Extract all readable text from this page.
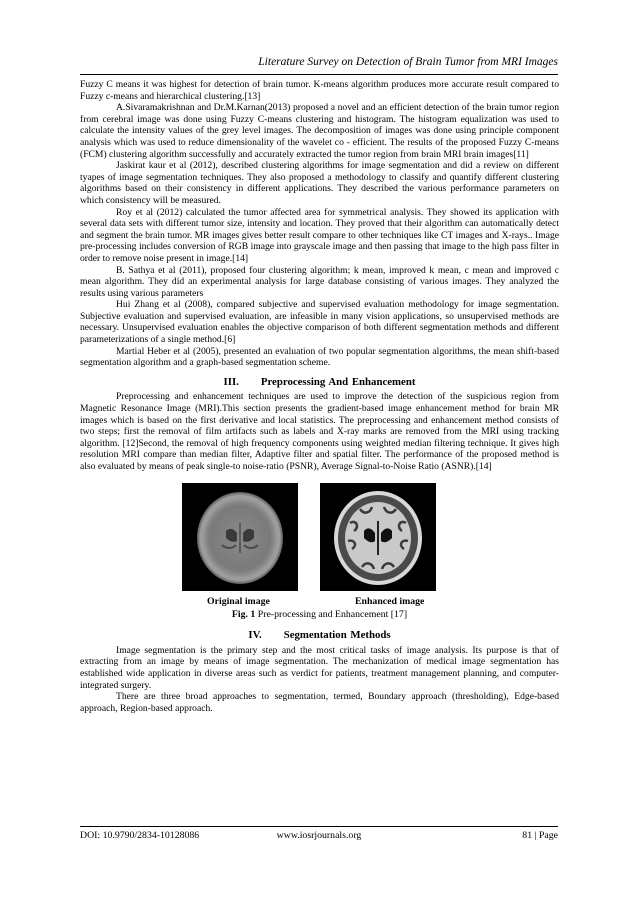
Literature Survey on Detection of Brain Tumor from MRI Images

Fuzzy C means it was highest for detection of brain tumor. K-means algorithm produces more accurate result compared to Fuzzy c-means and hierarchical clustering.[13]

A.Sivaramakrishnan and Dr.M.Karnan(2013) proposed a novel and an efficient detection of the brain tumor region from cerebral image was done using Fuzzy C-means clustering and histogram. The histogram equalization was used to calculate the intensity values of the grey level images. The decomposition of images was done using principle component analysis which was used to reduce dimensionality of the wavelet co - efficient. The results of the proposed Fuzzy C-means (FCM) clustering algorithm successfully and accurately extracted the tumor region from brain MRI brain images[11]

Jaskirat kaur et al (2012), described clustering algorithms for image segmentation and did a review on different tyapes of image segmentation techniques. They also proposed a methodology to classify and quantify different clustering algorithms based on their consistency in different applications. They described the various performance parameters on which consistency will be measured.

Roy et al (2012) calculated the tumor affected area for symmetrical analysis. They showed its application with several data sets with different tumor size, intensity and location. They proved that their algorithm can automatically detect and segment the brain tumor. MR images gives better result compare to other techniques like CT images and X-rays.. Image pre-processing includes conversion of RGB image into grayscale image and then passing that image to the high pass filter in order to remove noise present in image.[14]

B. Sathya et al (2011), proposed four clustering algorithm; k mean, improved k mean, c mean and improved c mean algorithm. They did an experimental analysis for large database consisting of various images. They analyzed the results using various parameters

Hui Zhang et al (2008), compared subjective and supervised evaluation methodology for image segmentation. Subjective evaluation and supervised evaluation, are infeasible in many vision applications, so unsupervised methods are necessary. Unsupervised evaluation enables the objective comparison of both different segmentation methods and different parameterizations of a single method.[6]

Martial Heber et al (2005), presented an evaluation of two popular segmentation algorithms, the mean shift-based segmentation algorithm and a graph-based segmentation scheme.

III. Preprocessing And Enhancement

Preprocessing and enhancement techniques are used to improve the detection of the suspicious region from Magnetic Resonance Image (MRI).This section presents the gradient-based image enhancement method for brain MR images which is based on the first derivative and local statistics. The preprocessing and enhancement method consists of two steps; first the removal of film artifacts such as labels and X-ray marks are removed from the MRI using tracking algorithm. [12]Second, the removal of high frequency components using weighted median filtering technique. It gives high resolution MRI compare than median filter, Adaptive filter and spatial filter. The performance of the proposed method is also evaluated by means of peak single-to noise-ratio (PSNR), Average Signal-to-Noise Ratio (ASNR).[14]

Original image	Enhanced image
Fig. 1 Pre-processing and Enhancement [17]
IV. Segmentation Methods

Image segmentation is the primary step and the most critical tasks of image analysis. Its purpose is that of extracting from an image by means of image segmentation. The mechanization of medical image segmentation has established wide application in diverse areas such as verdict for patients, treatment management planning, and computer-integrated surgery.

There are three broad approaches to segmentation, termed, Boundary approach (thresholding), Edge-based approach, Region-based approach.

DOI: 10.9790/2834-10128086	www.iosrjournals.org	81 | Page
